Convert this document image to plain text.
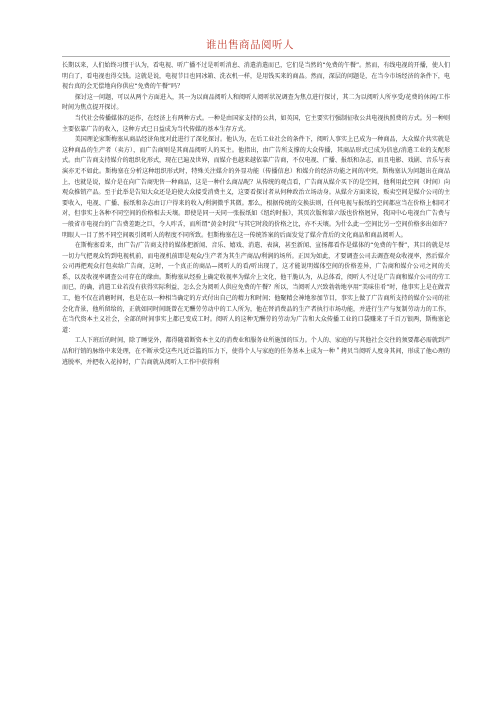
谁出售商品阅听人

长期以来，人们始终习惯于认为，看电视、听广播不过是听听消息、消遣消遣而已，它们是当然的“免费的午餐”。然而，有线电视的开播，使人们明白了，看电视也得交钱。这就是说，电视节目也同冰箱、洗衣机一样，是用钱买来的商品。然而，深层的问题是，在当今市场经济的条件下，电视台真的会无偿地向你供应“免费的午餐”吗？

探讨这一问题，可以从两个方面进入，其一为以商品阅听人和阅听人阅听状况调查为焦点进行探讨，其二为以阅听人所享受/花费的休闲/工作时间为焦点提开探讨。

当代社会传播媒体的运作，在经济上有两种方式。一种是由国家支持的公共，如英国，它主要实行强制征收公共电视执照费的方式。另一种则主要依靠广告的收入，这种方式已日益成为当代传媒的基本生存方式。

美国理论家斯梅塞从商品经济角度对此进行了深化探讨。他认为，在后工业社会的条件下，阅听人事实上已成为一种商品，大众媒介共实就是这种商品的生产者（卖方），而广告商则是其商品阅听人的买主。他指出，由广告所支撑的大众传播，其商品形式已成为信息/消遣工业的支配形式。由广告商支持媒介的组织化形式，现在已遍及世界，而媒介也越来越依靠广告商，不仅电视、广播、报纸和杂志，而且电影、戏剧、音乐与表演亦无不如此。斯梅塞在分析这种组织形式时，特殊关注媒介的外显功能（传播信息）和媒介的经济功能之间的冲突。斯梅塞认为问题出在商品上，也就是说，媒介是在向广告商兜售一种商品，这是一种什么商品呢？从传统的观点看，广告商从媒介买下的是空间，他利用此空间（时间）向观众推销产品。至于此举是告知大众还是迫使大众接受消费主义，这要看探讨者从何种政治立场动身。从媒介方面来说，贩卖空间是媒介公司的主要收入，电视、广播、报纸和杂志由订户得来的收入/利润微乎其微。那么，根据传统的交换法则，任何电视与报纸的空间都应当在价格上相同才对，但事实上各种不同空间的价格相去天壤。即使是同一天同一张报纸如《纽约时报》，其页次版和第六版也价格迥异，我国中心电视台广告费与一般省市电视台的广告费差距之巨，令人咋舌，而所谓“黄金时段”与其它时段的价格之比，亦不天壤。为什么此一空间比另一空间价格多出如许？明眼人一目了然不同空间吸引阅听人的程度不同所致。但斯梅塞在这一传统答案的后面发觉了媒介背后的文化商品和商品阅听人。

在斯梅塞看来，由广告/广告商支持的媒体把新闻、音乐、嬉戏、消遣、表演，甚至新闻、宣扬都看作是媒体的“免费的午餐”，其目的就是尽一切力气把观众钓到电视机前，而电视机前即是观众/生产者为其生产商品/利润的场所。正因为如此，才要调查公司去调查观众收视率，然后媒介公司再把观众打包卖给广告商，这时，一个真正的商品—阅听人的看/听出现了，这才能说明媒体空间的价格差异，广告商和媒介公司之间的关系，以及收视率调查公司存在的缘由。斯梅塞从经验上确定收视率为媒介上文化，他干脆认为，从总体看，阅听人不过是广告商和媒介公司的劳工而已，的确，消遣工业若没有获得实际利益，怎么会为阅听人供应免费的午餐？所以，当阅听人兴致勃勃地享用“美味佳肴”时，他事实上是在做苦工，他不仅在消磨时间，也是在以一种相当确定的方式付出自己的精力和时间；他聚精会神地参加节目，事实上做了广告商所支持的媒介公司的社会化背景，他所留给的，正就如同时间既曾在无酬劳劳动中的工人所为，他在替消费品的生产者执行市场功能，并进行生产与复制劳动力的工作，在当代资本主义社会，全部的时间事实上都已变成工时。阅听人的这种无酬劳的劳动为广告和大众传播工业的口袋赚来了千百万银两，斯梅塞论道：

工人下班后的时间，除了睡觉外，都得随着断资本主义的消费业和服务业所施加的压力。个人的、家庭的与其他社会交往的须要都必需就到产品和行销的脉络中来处理，在不断承受这些凡近泛滥的压力下，使得个人与家庭的任务基本上成为一种＂拷贝当阅听人度身其间，形成了他心理的逃脱率，并把收入花掉时，广告商就从阅听人工作中获得利
